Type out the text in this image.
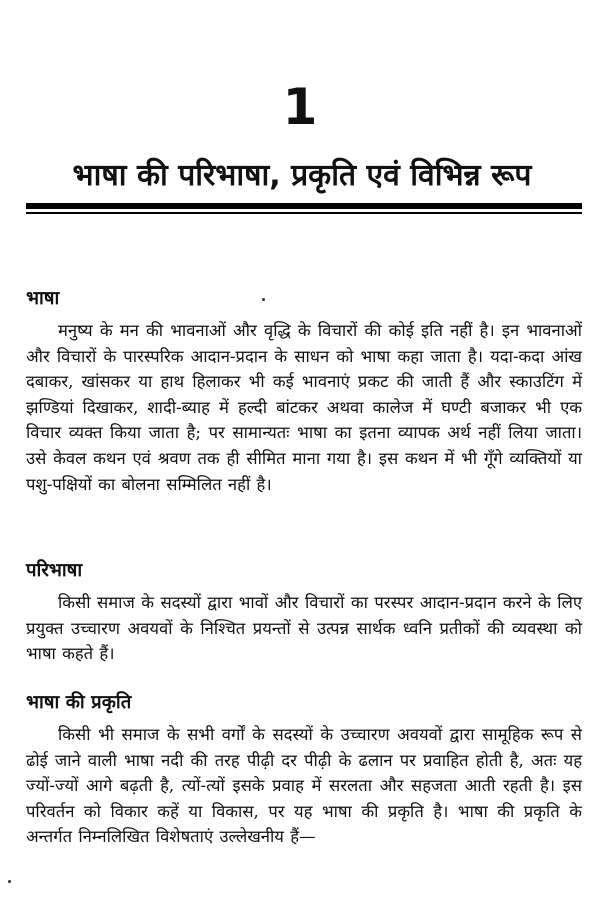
1
भाषा की परिभाषा, प्रकृति एवं विभिन्न रूप
भाषा

मनुष्य के मन की भावनाओं और वृद्धि के विचारों की कोई इति नहीं है। इन भावनाओं और विचारों के पारस्परिक आदान-प्रदान के साधन को भाषा कहा जाता है। यदा-कदा आंख दबाकर, खांसकर या हाथ हिलाकर भी कई भावनाएं प्रकट की जाती हैं और स्काउटिंग में झण्डियां दिखाकर, शादी-ब्याह में हल्दी बांटकर अथवा कालेज में घण्टी बजाकर भी एक विचार व्यक्त किया जाता है; पर सामान्यतः भाषा का इतना व्यापक अर्थ नहीं लिया जाता। उसे केवल कथन एवं श्रवण तक ही सीमित माना गया है। इस कथन में भी गूँगे व्यक्तियों या पशु-पक्षियों का बोलना सम्मिलित नहीं है।

परिभाषा

किसी समाज के सदस्यों द्वारा भावों और विचारों का परस्पर आदान-प्रदान करने के लिए प्रयुक्त उच्चारण अवयवों के निश्चित प्रयन्तों से उत्पन्न सार्थक ध्वनि प्रतीकों की व्यवस्था को भाषा कहते हैं।

भाषा की प्रकृति

किसी भी समाज के सभी वर्गों के सदस्यों के उच्चारण अवयवों द्वारा सामूहिक रूप से ढोई जाने वाली भाषा नदी की तरह पीढ़ी दर पीढ़ी के ढलान पर प्रवाहित होती है, अतः यह ज्यों-ज्यों आगे बढ़ती है, त्यों-त्यों इसके प्रवाह में सरलता और सहजता आती रहती है। इस परिवर्तन को विकार कहें या विकास, पर यह भाषा की प्रकृति है। भाषा की प्रकृति के अन्तर्गत निम्नलिखित विशेषताएं उल्लेखनीय हैं—
